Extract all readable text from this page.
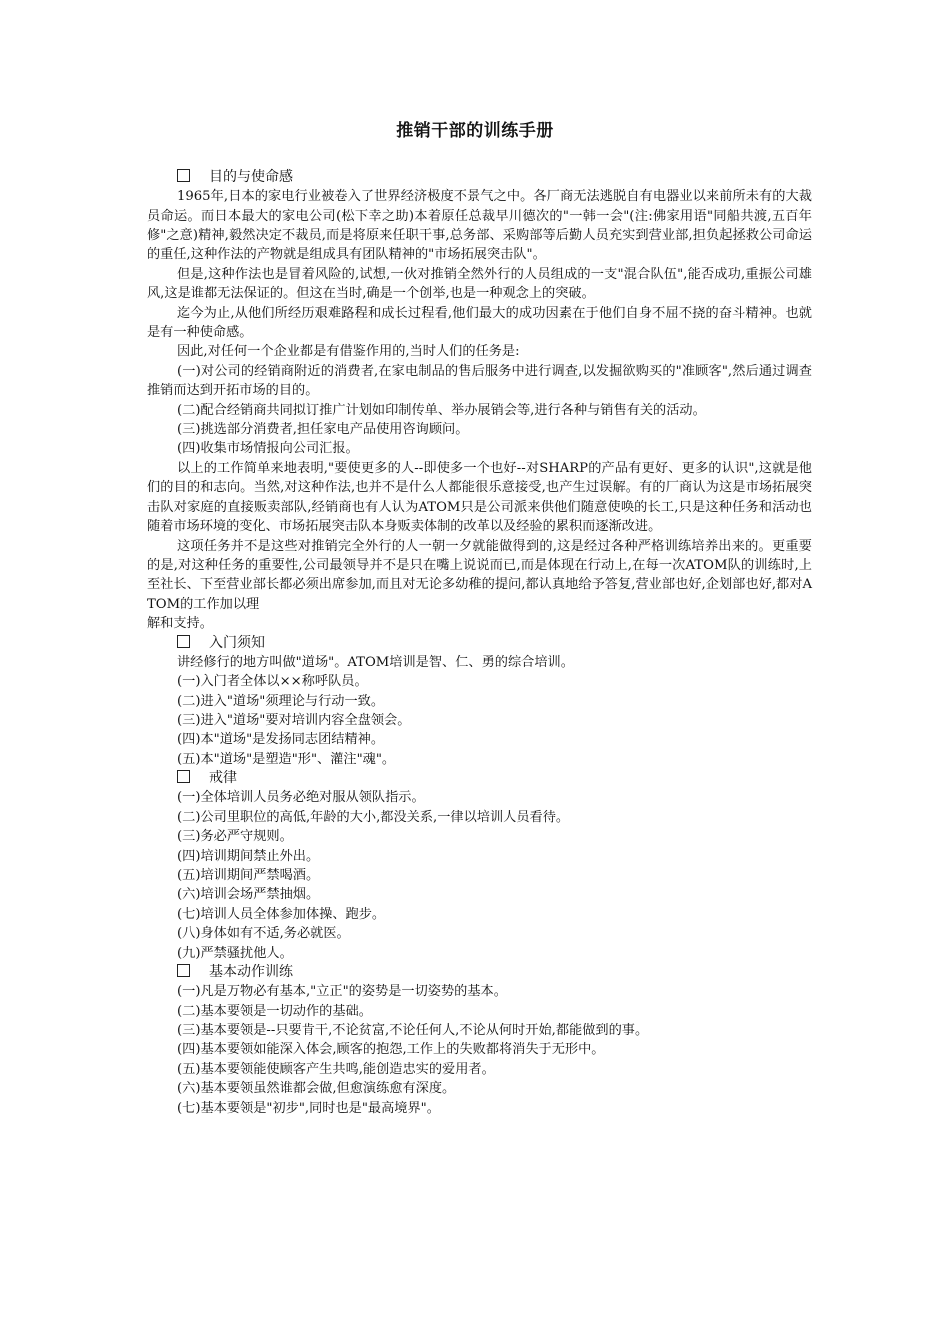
推销干部的训练手册
目的与使命感

1965年,日本的家电行业被卷入了世界经济极度不景气之中。各厂商无法逃脱自有电器业以来前所未有的大裁员命运。而日本最大的家电公司(松下幸之助)本着原任总裁早川德次的"一韩一会"(注:佛家用语"同船共渡,五百年修"之意)精神,毅然决定不裁员,而是将原来任职干事,总务部、采购部等后勤人员充实到营业部,担负起拯救公司命运的重任,这种作法的产物就是组成具有团队精神的"市场拓展突击队"。

但是,这种作法也是冒着风险的,试想,一伙对推销全然外行的人员组成的一支"混合队伍",能否成功,重振公司雄风,这是谁都无法保证的。但这在当时,确是一个创举,也是一种观念上的突破。

迄今为止,从他们所经历艰难路程和成长过程看,他们最大的成功因素在于他们自身不屈不挠的奋斗精神。也就是有一种使命感。

因此,对任何一个企业都是有借鉴作用的,当时人们的任务是:

(一)对公司的经销商附近的消费者,在家电制品的售后服务中进行调查,以发掘欲购买的"准顾客",然后通过调查推销而达到开拓市场的目的。

(二)配合经销商共同拟订推广计划如印制传单、举办展销会等,进行各种与销售有关的活动。

(三)挑选部分消费者,担任家电产品使用咨询顾问。

(四)收集市场情报向公司汇报。

以上的工作简单来地表明,"要使更多的人--即使多一个也好--对SHARP的产品有更好、更多的认识",这就是他们的目的和志向。当然,对这种作法,也并不是什么人都能很乐意接受,也产生过误解。有的厂商认为这是市场拓展突击队对家庭的直接贩卖部队,经销商也有人认为ATOM只是公司派来供他们随意使唤的长工,只是这种任务和活动也随着市场环境的变化、市场拓展突击队本身贩卖体制的改革以及经验的累积而逐渐改进。

这项任务并不是这些对推销完全外行的人一朝一夕就能做得到的,这是经过各种严格训练培养出来的。更重要的是,对这种任务的重要性,公司最领导并不是只在嘴上说说而已,而是体现在行动上,在每一次ATOM队的训练时,上至社长、下至营业部长都必须出席参加,而且对无论多幼稚的提问,都认真地给予答复,营业部也好,企划部也好,都对ATOM的工作加以理

解和支持。

入门须知

讲经修行的地方叫做"道场"。ATOM培训是智、仁、勇的综合培训。

(一)入门者全体以××称呼队员。

(二)进入"道场"须理论与行动一致。

(三)进入"道场"要对培训内容全盘领会。

(四)本"道场"是发扬同志团结精神。

(五)本"道场"是塑造"形"、灌注"魂"。

戒律

(一)全体培训人员务必绝对服从领队指示。

(二)公司里职位的高低,年龄的大小,都没关系,一律以培训人员看待。

(三)务必严守规则。

(四)培训期间禁止外出。

(五)培训期间严禁喝酒。

(六)培训会场严禁抽烟。

(七)培训人员全体参加体操、跑步。

(八)身体如有不适,务必就医。

(九)严禁骚扰他人。

基本动作训练

(一)凡是万物必有基本,"立正"的姿势是一切姿势的基本。

(二)基本要领是一切动作的基础。

(三)基本要领是--只要肯干,不论贫富,不论任何人,不论从何时开始,都能做到的事。

(四)基本要领如能深入体会,顾客的抱怨,工作上的失败都将消失于无形中。

(五)基本要领能使顾客产生共鸣,能创造忠实的爱用者。

(六)基本要领虽然谁都会做,但愈演练愈有深度。

(七)基本要领是"初步",同时也是"最高境界"。
